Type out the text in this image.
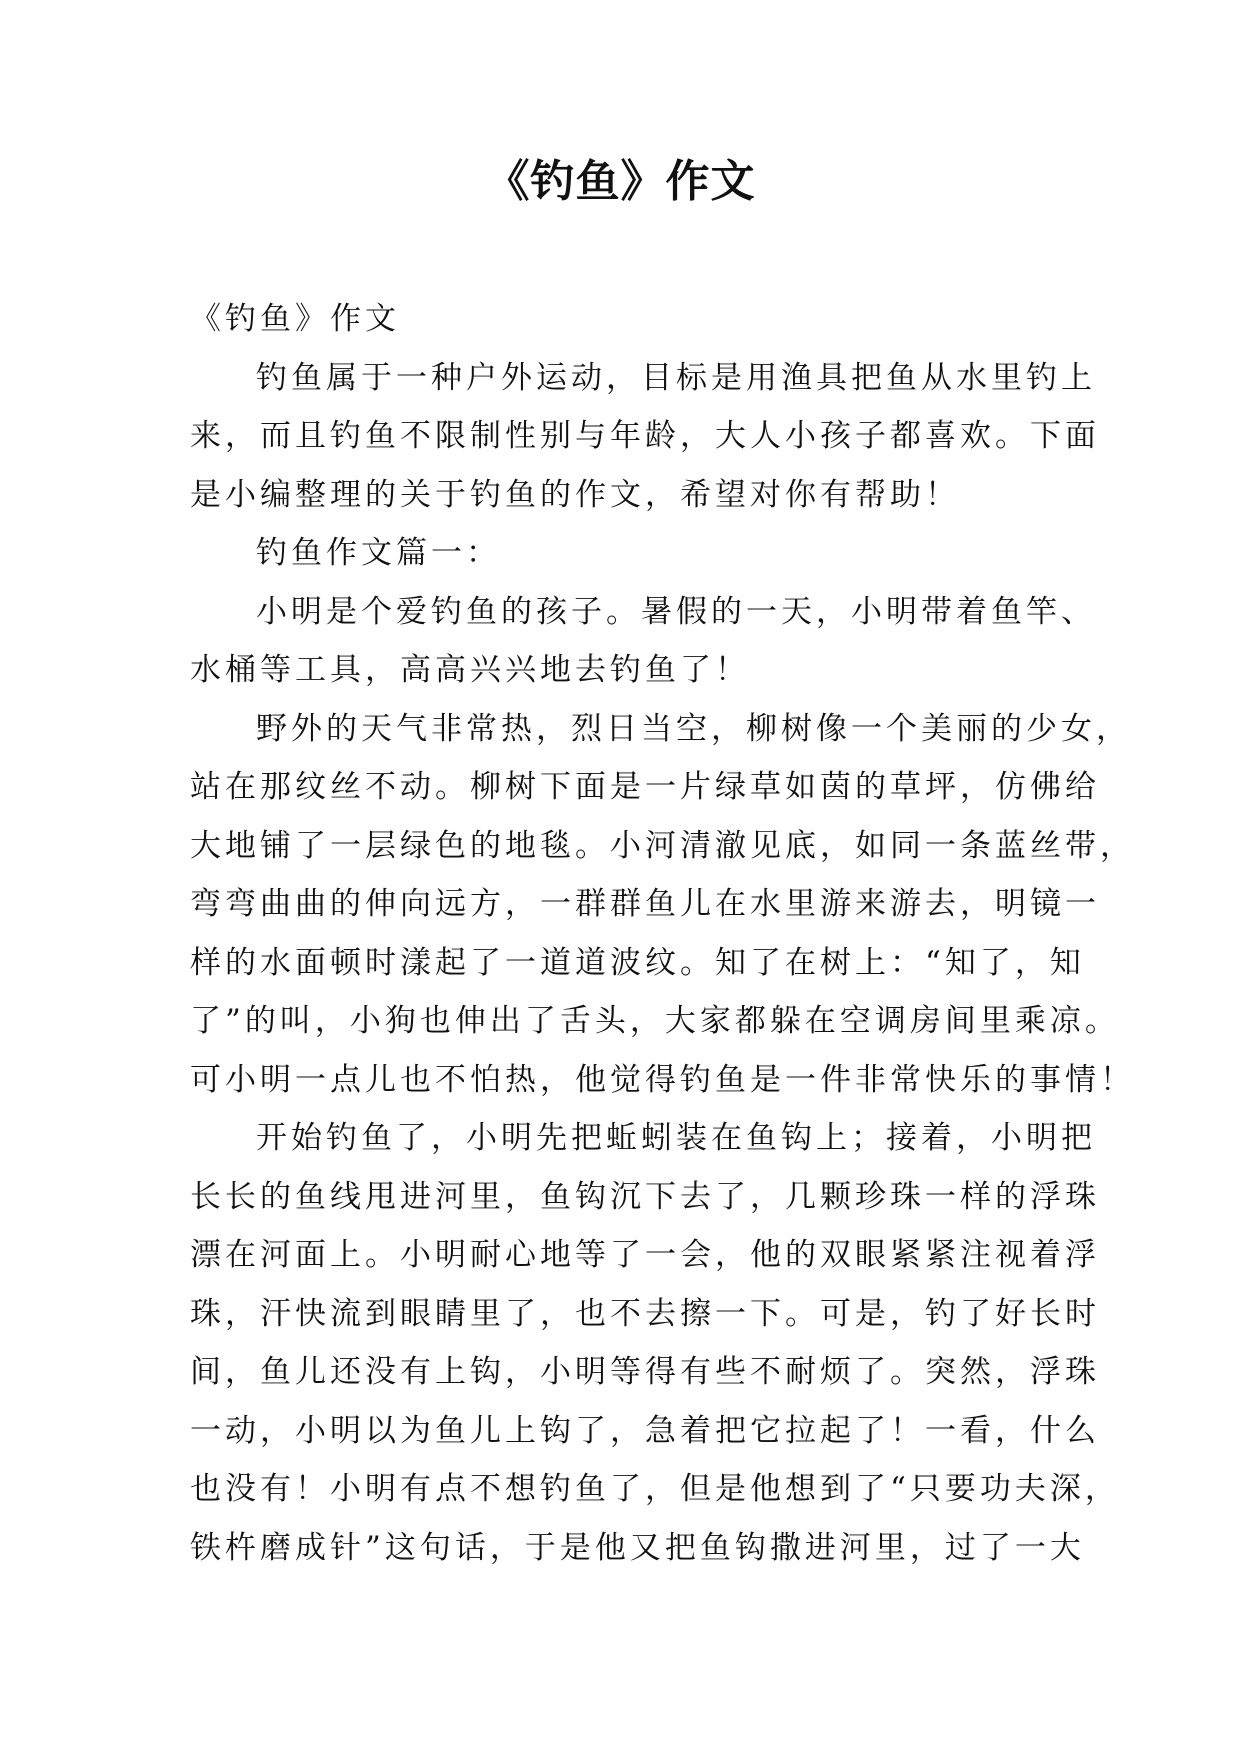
《钓鱼》作文
《钓鱼》作文
钓鱼属于一种户外运动，目标是用渔具把鱼从水里钓上
来，而且钓鱼不限制性别与年龄，大人小孩子都喜欢。下面
是小编整理的关于钓鱼的作文，希望对你有帮助！
钓鱼作文篇一：
小明是个爱钓鱼的孩子。暑假的一天，小明带着鱼竿、
水桶等工具，高高兴兴地去钓鱼了！
野外的天气非常热，烈日当空，柳树像一个美丽的少女，
站在那纹丝不动。柳树下面是一片绿草如茵的草坪，仿佛给
大地铺了一层绿色的地毯。小河清澈见底，如同一条蓝丝带，
弯弯曲曲的伸向远方，一群群鱼儿在水里游来游去，明镜一
样的水面顿时漾起了一道道波纹。知了在树上：“知了，知
了”的叫，小狗也伸出了舌头，大家都躲在空调房间里乘凉。
可小明一点儿也不怕热，他觉得钓鱼是一件非常快乐的事情！
开始钓鱼了，小明先把蚯蚓装在鱼钩上；接着，小明把
长长的鱼线甩进河里，鱼钩沉下去了，几颗珍珠一样的浮珠
漂在河面上。小明耐心地等了一会，他的双眼紧紧注视着浮
珠，汗快流到眼睛里了，也不去擦一下。可是，钓了好长时
间，鱼儿还没有上钩，小明等得有些不耐烦了。突然，浮珠
一动，小明以为鱼儿上钩了，急着把它拉起了！一看，什么
也没有！小明有点不想钓鱼了，但是他想到了“只要功夫深，
铁杵磨成针”这句话，于是他又把鱼钩撒进河里，过了一大
